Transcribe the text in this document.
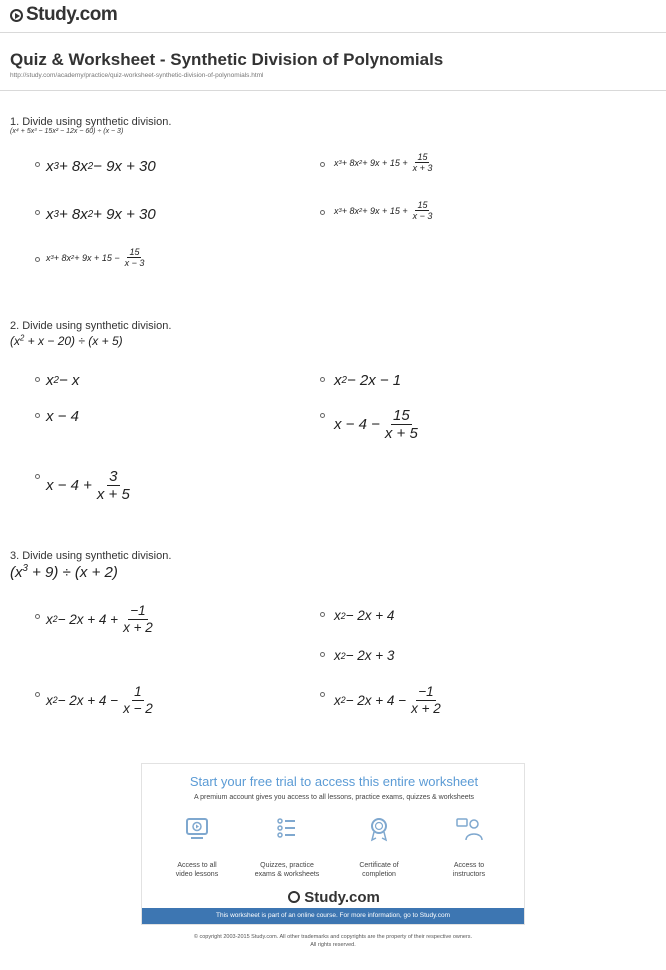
Study.com
Quiz & Worksheet - Synthetic Division of Polynomials
http://study.com/academy/practice/quiz-worksheet-synthetic-division-of-polynomials.html
1. Divide using synthetic division.
(x⁴ + 5x³ − 15x² − 12x − 60) ÷ (x − 3)
x 3 + 8x 2 − 9x + 30
x 3 + 8x 2 + 9x + 30
x 3 + 8x $2 + 9x + 15 - \frac{15}{x - 3}$
x 3 + 8x $2 + 9x + 15 + \frac{15}{x + 3}$
x 3 + 8x $2 + 9x + 15 + \frac{15}{x - 3}$
2. Divide using synthetic division.
$(x^2 + x - 20) \div (x + 5)$
x 2 − x
x − 4
$x - 4 + \frac{3}{x + 5}$
x 2 − 2x − 1
$x - 4 - \frac{15}{x + 5}$
3. Divide using synthetic division.
$(x^3 + 9) \div (x + 2)$
x $2 - 2x + 4 + \frac{-1}{x + 2}$
x $2 - 2x + 4 - \frac{1}{x - 2}$
x 2 − 2x + 4
x 2 − 2x + 3
x $2 - 2x + 4 - \frac{-1}{x + 2}$
Start your free trial to access this entire worksheet
A premium account gives you access to all lessons, practice exams, quizzes & worksheets
Access to all
video lessons
Quizzes, practice
exams & worksheets
Certificate of
completion
Access to
instructors
Study.com
This worksheet is part of an online course. For more information, go to Study.com
© copyright 2003-2015 Study.com. All other trademarks and copyrights are the property of their respective owners.
All rights reserved.
